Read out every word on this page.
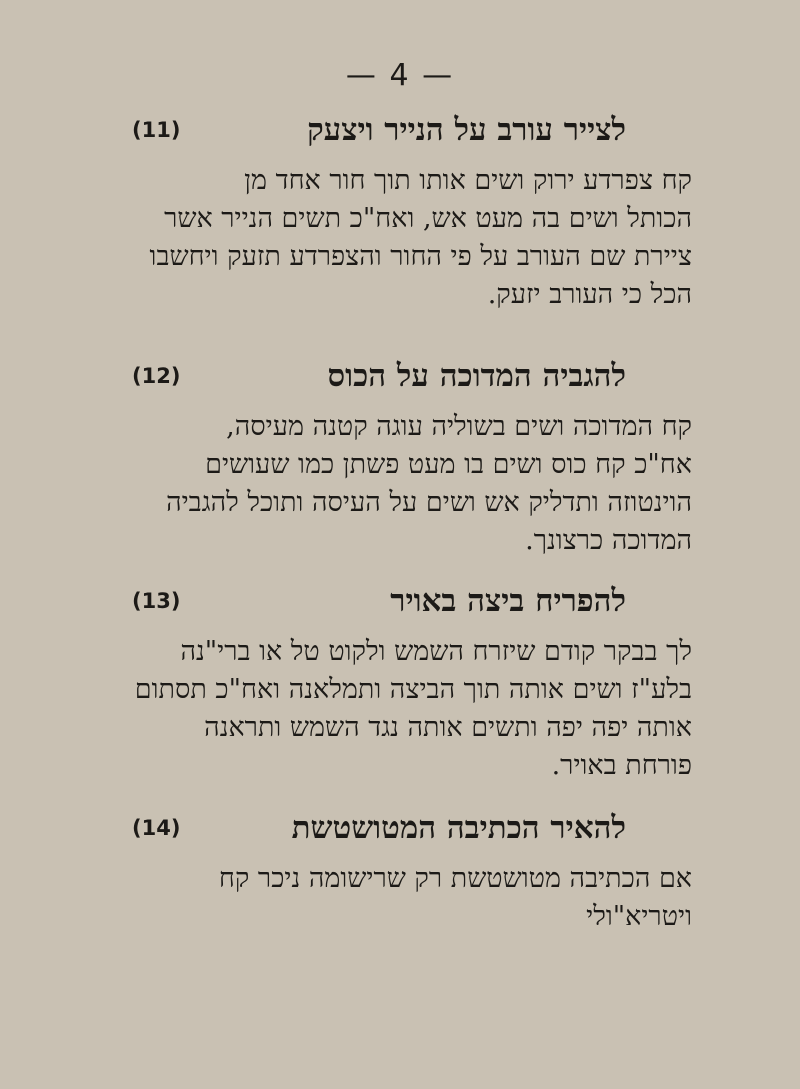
— 4 —
(11)	לצייר עורב על הנייר ויצעק
קח צפרדע ירוק ושים אותו תוך חור אחד מן
הכותל ושים בה מעט אש, ואח"כ תשים הנייר אשר
ציירת שם העורב על פי החור והצפרדע תזעק ויחשבו
הכל כי העורב יזעק.
(12)	להגביה המדוכה על הכוס
קח המדוכה ושים בשוליה עוגה קטנה מעיסה,
אח"כ קח כוס ושים בו מעט פשתן כמו שעושים
הוינטוזה ותדליק אש ושים על העיסה ותוכל להגביה
המדוכה כרצונך.
(13)	להפריח ביצה באויר
לך בבקר קודם שיזרח השמש ולקוט טל או ברי"נה
בלע"ז ושים אותה תוך הביצה ותמלאנה ואח"כ תסתום
אותה יפה יפה ותשים אותה נגד השמש ותראנה
פורחת באויר.
(14)	להאיר הכתיבה המטושטשת
אם הכתיבה מטושטשת רק שרישומה ניכר קח
ויטריא"ולי
